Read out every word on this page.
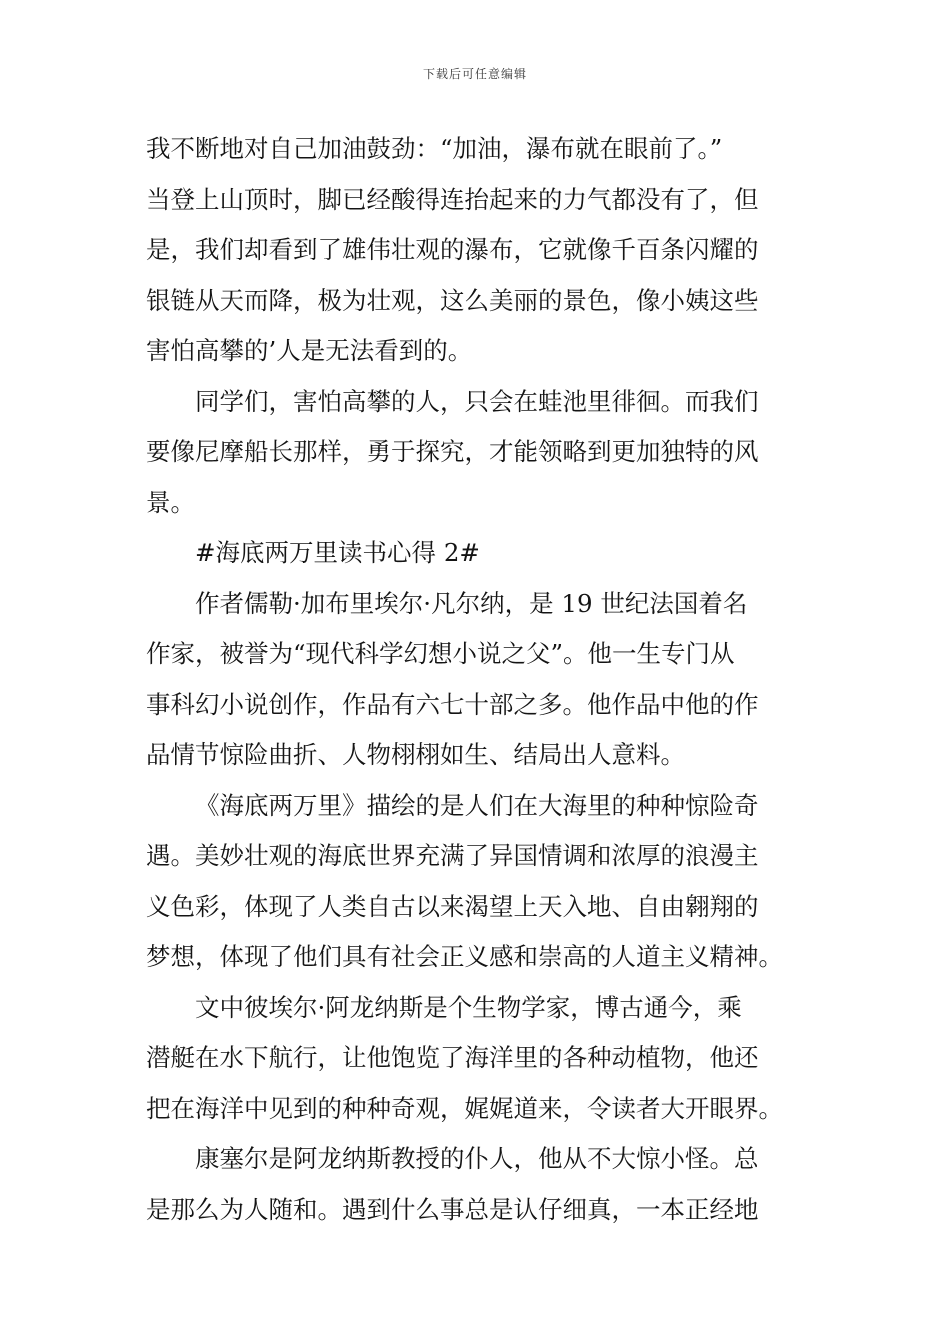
下载后可任意编辑
我不断地对自己加油鼓劲：“加油，瀑布就在眼前了。”
当登上山顶时，脚已经酸得连抬起来的力气都没有了，但
是，我们却看到了雄伟壮观的瀑布，它就像千百条闪耀的
银链从天而降，极为壮观，这么美丽的景色，像小姨这些
害怕高攀的’人是无法看到的。
同学们，害怕高攀的人，只会在蛙池里徘徊。而我们
要像尼摩船长那样，勇于探究，才能领略到更加独特的风
景。
#海底两万里读书心得 2#
作者儒勒·加布里埃尔·凡尔纳，是 19 世纪法国着名
作家，被誉为“现代科学幻想小说之父”。他一生专门从
事科幻小说创作，作品有六七十部之多。他作品中他的作
品情节惊险曲折、人物栩栩如生、结局出人意料。
《海底两万里》描绘的是人们在大海里的种种惊险奇
遇。美妙壮观的海底世界充满了异国情调和浓厚的浪漫主
义色彩，体现了人类自古以来渴望上天入地、自由翱翔的
梦想，体现了他们具有社会正义感和崇高的人道主义精神。
文中彼埃尔·阿龙纳斯是个生物学家，博古通今，乘
潜艇在水下航行，让他饱览了海洋里的各种动植物，他还
把在海洋中见到的种种奇观，娓娓道来，令读者大开眼界。
康塞尔是阿龙纳斯教授的仆人，他从不大惊小怪。总
是那么为人随和。遇到什么事总是认仔细真，一本正经地
